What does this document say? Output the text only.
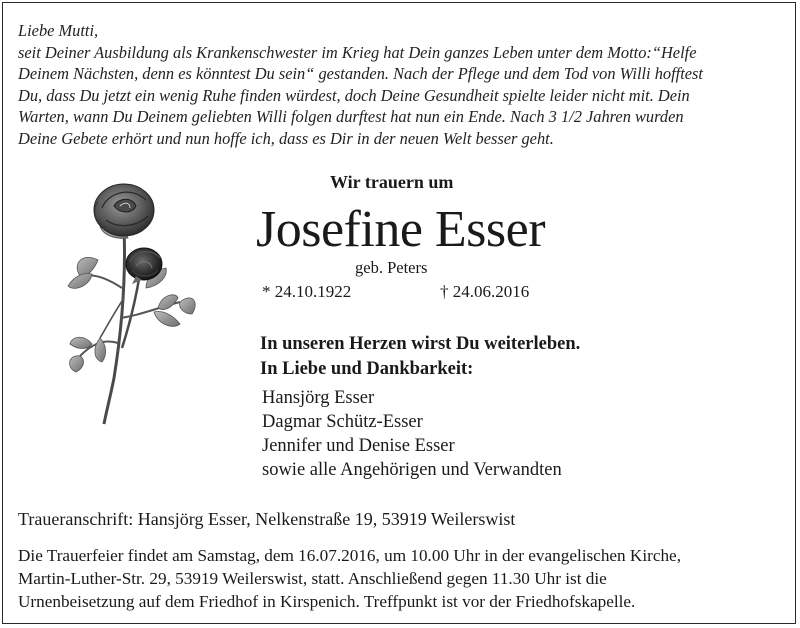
Liebe Mutti,
seit Deiner Ausbildung als Krankenschwester im Krieg hat Dein ganzes Leben unter dem Motto:“Helfe
Deinem Nächsten, denn es könntest Du sein“ gestanden. Nach der Pflege und dem Tod von Willi hofftest
Du, dass Du jetzt ein wenig Ruhe finden würdest, doch Deine Gesundheit spielte leider nicht mit. Dein
Warten, wann Du Deinem geliebten Willi folgen durftest hat nun ein Ende. Nach 3 1/2 Jahren wurden
Deine Gebete erhört und nun hoffe ich, dass es Dir in der neuen Welt besser geht.
Wir trauern um
Josefine Esser
geb. Peters
* 24.10.1922	† 24.06.2016
In unseren Herzen wirst Du weiterleben.
In Liebe und Dankbarkeit:
Hansjörg Esser
Dagmar Schütz-Esser
Jennifer und Denise Esser
sowie alle Angehörigen und Verwandten
Traueranschrift: Hansjörg Esser, Nelkenstraße 19, 53919 Weilerswist
Die Trauerfeier findet am Samstag, dem 16.07.2016, um 10.00 Uhr in der evangelischen Kirche,
Martin-Luther-Str. 29, 53919 Weilerswist, statt. Anschließend gegen 11.30 Uhr ist die
Urnenbeisetzung auf dem Friedhof in Kirspenich. Treffpunkt ist vor der Friedhofskapelle.
